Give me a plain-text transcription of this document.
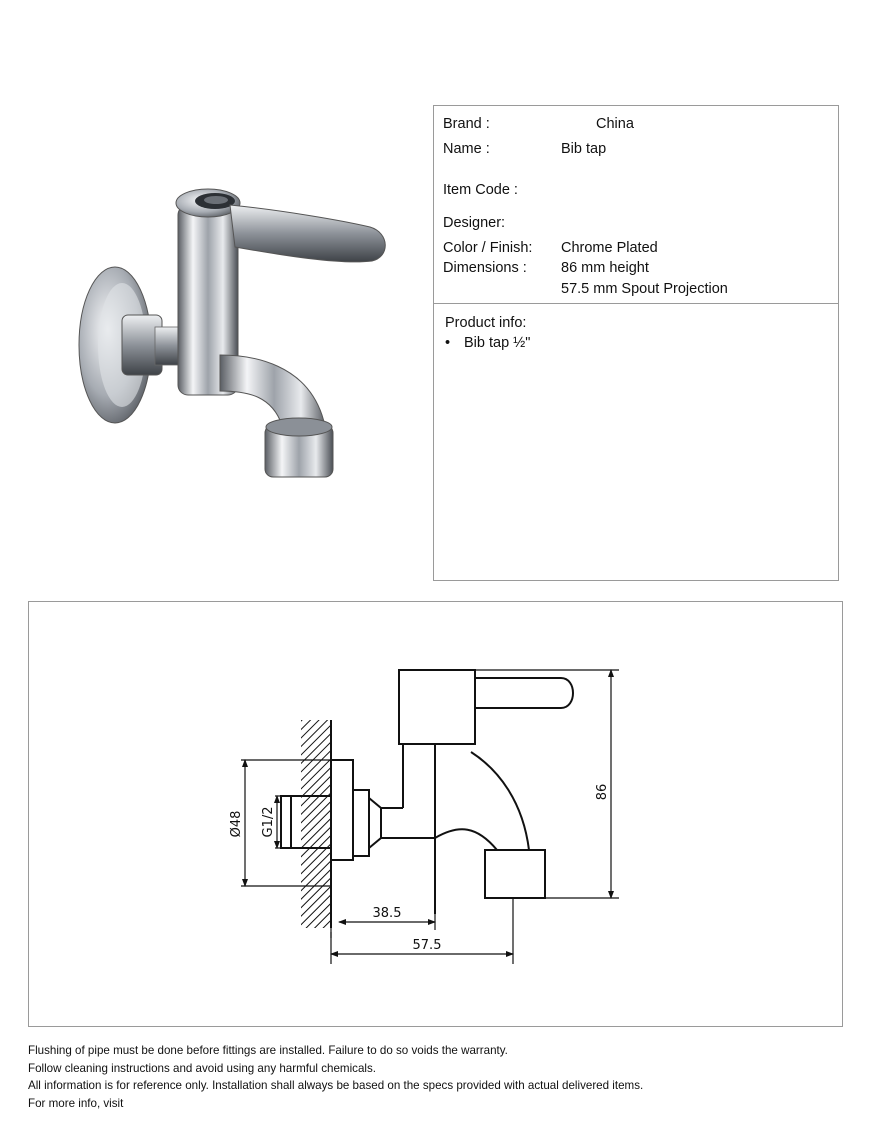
Brand :	China
Name :	Bib tap
Item Code :
Designer:
Color / Finish: Chrome Plated
Dimensions : 86 mm height
57.5 mm Spout Projection
Product info:
• Bib tap ½"
Ø48 G1/2
86
38.5
57.5
Flushing of pipe must be done before fittings are installed. Failure to do so voids the warranty.
Follow cleaning instructions and avoid using any harmful chemicals.
All information is for reference only. Installation shall always be based on the specs provided with actual delivered items.
For more info, visit
